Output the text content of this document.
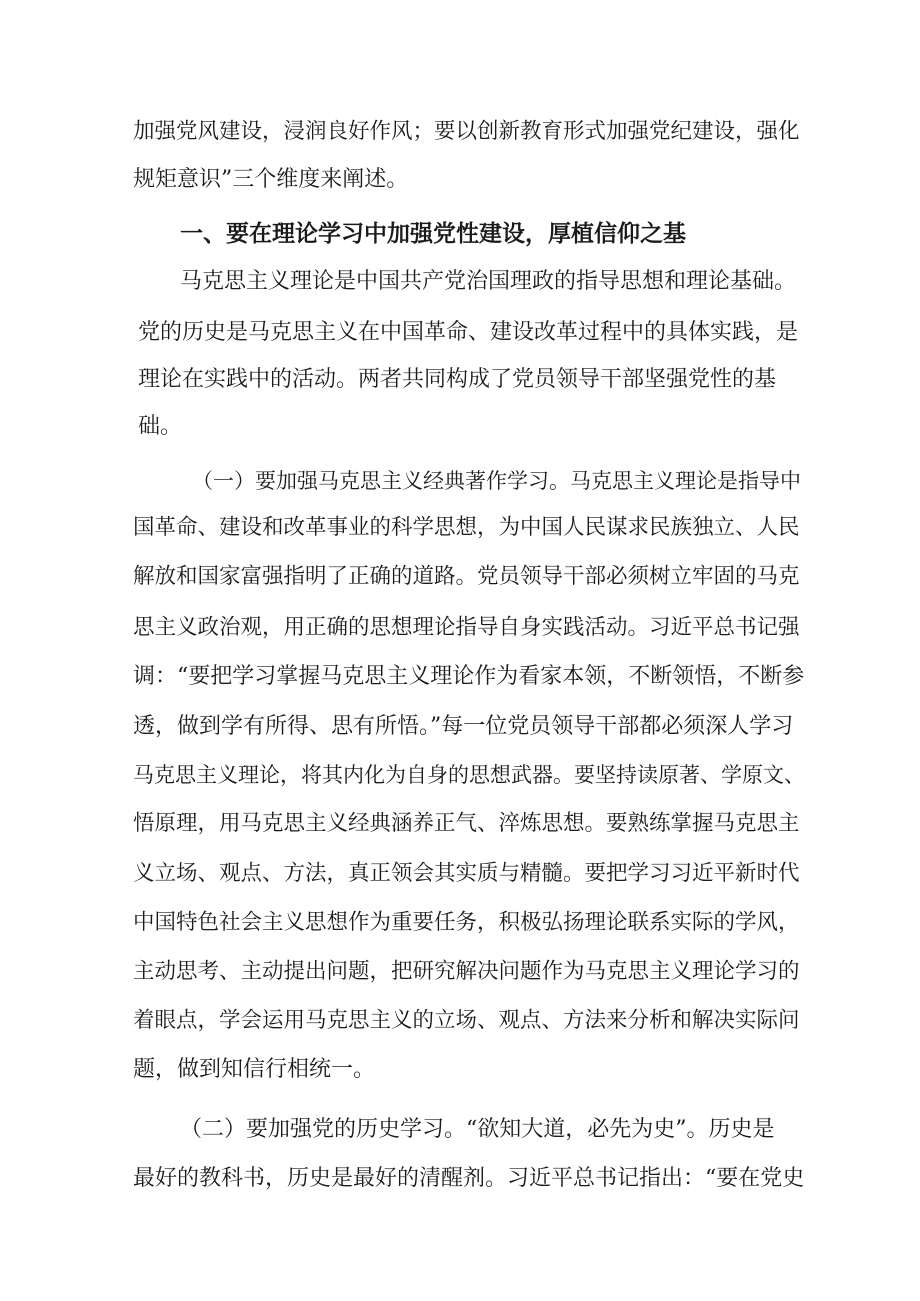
加强党风建设，浸润良好作风；要以创新教育形式加强党纪建设，强化
规矩意识”三个维度来阐述。
一、要在理论学习中加强党性建设，厚植信仰之基
马克思主义理论是中国共产党治国理政的指导思想和理论基础。
党的历史是马克思主义在中国革命、建设改革过程中的具体实践，是
理论在实践中的活动。两者共同构成了党员领导干部坚强党性的基
础。
（一）要加强马克思主义经典著作学习。马克思主义理论是指导中
国革命、建设和改革事业的科学思想，为中国人民谋求民族独立、人民
解放和国家富强指明了正确的道路。党员领导干部必须树立牢固的马克
思主义政治观，用正确的思想理论指导自身实践活动。习近平总书记强
调：“要把学习掌握马克思主义理论作为看家本领，不断领悟，不断参
透，做到学有所得、思有所悟。”每一位党员领导干部都必须深人学习
马克思主义理论，将其内化为自身的思想武器。要坚持读原著、学原文、
悟原理，用马克思主义经典涵养正气、淬炼思想。要熟练掌握马克思主
义立场、观点、方法，真正领会其实质与精髓。要把学习习近平新时代
中国特色社会主义思想作为重要任务，积极弘扬理论联系实际的学风，
主动思考、主动提出问题，把研究解决问题作为马克思主义理论学习的
着眼点，学会运用马克思主义的立场、观点、方法来分析和解决实际问
题，做到知信行相统一。
（二）要加强党的历史学习。“欲知大道，必先为史”。历史是
最好的教科书，历史是最好的清醒剂。习近平总书记指出：“要在党史
